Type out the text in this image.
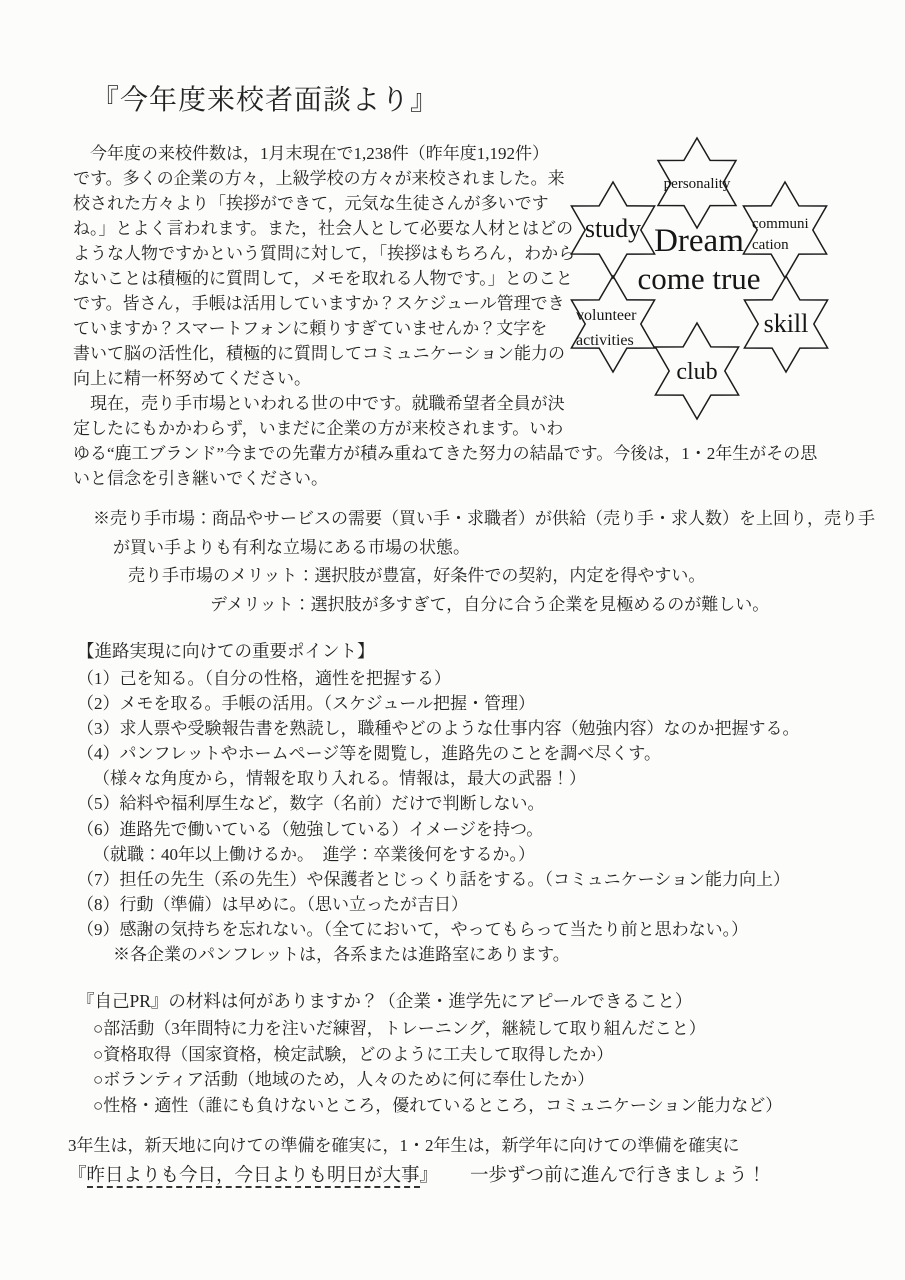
『今年度来校者面談より』
　今年度の来校件数は，1月末現在で1,238件（昨年度1,192件）
です。多くの企業の方々，上級学校の方々が来校されました。来
校された方々より「挨拶ができて，元気な生徒さんが多いです
ね。」とよく言われます。また，社会人として必要な人材とはどの
ような人物ですかという質問に対して，「挨拶はもちろん，わから
ないことは積極的に質問して，メモを取れる人物です。」とのこと
です。皆さん，手帳は活用していますか？スケジュール管理でき
ていますか？スマートフォンに頼りすぎていませんか？文字を
書いて脳の活性化，積極的に質問してコミュニケーション能力の
向上に精一杯努めてください。
　現在，売り手市場といわれる世の中です。就職希望者全員が決
定したにもかかわらず，いまだに企業の方が来校されます。いわ
ゆる“鹿工ブランド”今までの先輩方が積み重ねてきた努力の結晶です。今後は，1・2年生がその思
いと信念を引き継いでください。
personality
study	communi
cation
volunteer
activities
skill
club
Dream
come true
※売り手市場：商品やサービスの需要（買い手・求職者）が供給（売り手・求人数）を上回り，売り手
が買い手よりも有利な立場にある市場の状態。
売り手市場のメリット：選択肢が豊富，好条件での契約，内定を得やすい。
デメリット：選択肢が多すぎて，自分に合う企業を見極めるのが難しい。
【進路実現に向けての重要ポイント】
（1）己を知る。（自分の性格，適性を把握する）
（2）メモを取る。手帳の活用。（スケジュール把握・管理）
（3）求人票や受験報告書を熟読し，職種やどのような仕事内容（勉強内容）なのか把握する。
（4）パンフレットやホームページ等を閲覧し，進路先のことを調べ尽くす。
（様々な角度から，情報を取り入れる。情報は，最大の武器！）
（5）給料や福利厚生など，数字（名前）だけで判断しない。
（6）進路先で働いている（勉強している）イメージを持つ。
（就職：40年以上働けるか。　進学：卒業後何をするか。）
（7）担任の先生（系の先生）や保護者とじっくり話をする。（コミュニケーション能力向上）
（8）行動（準備）は早めに。（思い立ったが吉日）
（9）感謝の気持ちを忘れない。（全てにおいて，やってもらって当たり前と思わない。）
※各企業のパンフレットは，各系または進路室にあります。
『自己PR』の材料は何がありますか？（企業・進学先にアピールできること）
○部活動（3年間特に力を注いだ練習，トレーニング，継続して取り組んだこと）
○資格取得（国家資格，検定試験，どのように工夫して取得したか）
○ボランティア活動（地域のため，人々のために何に奉仕したか）
○性格・適性（誰にも負けないところ，優れているところ，コミュニケーション能力など）
3年生は，新天地に向けての準備を確実に，1・2年生は，新学年に向けての準備を確実に
『昨日よりも今日，今日よりも明日が大事』 一歩ずつ前に進んで行きましょう！
